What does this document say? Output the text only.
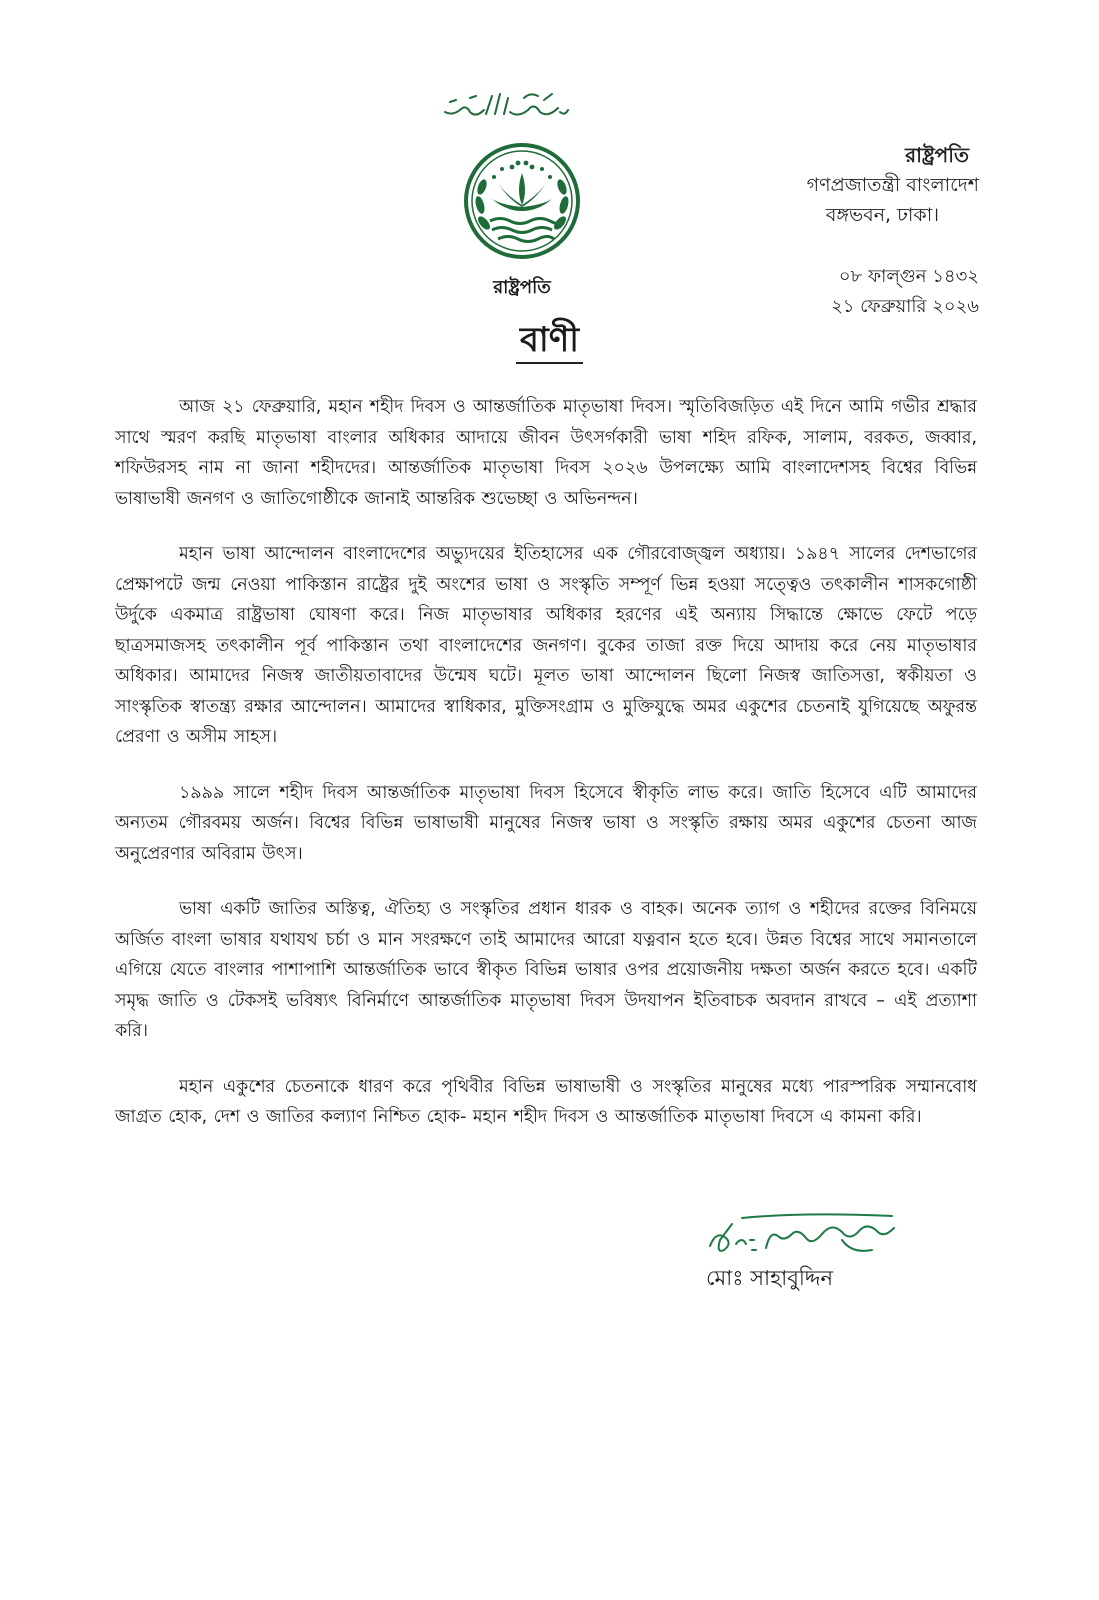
রাষ্ট্রপতি
রাষ্ট্রপতি
গণপ্রজাতন্ত্রী বাংলাদেশ
বঙ্গভবন, ঢাকা।
০৮ ফাল্গুন ১৪৩২
২১ ফেব্রুয়ারি ২০২৬
বাণী

আজ ২১ ফেব্রুয়ারি, মহান শহীদ দিবস ও আন্তর্জাতিক মাতৃভাষা দিবস। স্মৃতিবিজড়িত এই দিনে আমি গভীর শ্রদ্ধার সাথে স্মরণ করছি মাতৃভাষা বাংলার অধিকার আদায়ে জীবন উৎসর্গকারী ভাষা শহিদ রফিক, সালাম, বরকত, জব্বার, শফিউরসহ নাম না জানা শহীদদের। আন্তর্জাতিক মাতৃভাষা দিবস ২০২৬ উপলক্ষ্যে আমি বাংলাদেশসহ বিশ্বের বিভিন্ন ভাষাভাষী জনগণ ও জাতিগোষ্ঠীকে জানাই আন্তরিক শুভেচ্ছা ও অভিনন্দন।

মহান ভাষা আন্দোলন বাংলাদেশের অভ্যুদয়ের ইতিহাসের এক গৌরবোজ্জ্বল অধ্যায়। ১৯৪৭ সালের দেশভাগের প্রেক্ষাপটে জন্ম নেওয়া পাকিস্তান রাষ্ট্রের দুই অংশের ভাষা ও সংস্কৃতি সম্পূর্ণ ভিন্ন হওয়া সত্ত্বেও তৎকালীন শাসকগোষ্ঠী উর্দুকে একমাত্র রাষ্ট্রভাষা ঘোষণা করে। নিজ মাতৃভাষার অধিকার হরণের এই অন্যায় সিদ্ধান্তে ক্ষোভে ফেটে পড়ে ছাত্রসমাজসহ তৎকালীন পূর্ব পাকিস্তান তথা বাংলাদেশের জনগণ। বুকের তাজা রক্ত দিয়ে আদায় করে নেয় মাতৃভাষার অধিকার। আমাদের নিজস্ব জাতীয়তাবাদের উন্মেষ ঘটে। মূলত ভাষা আন্দোলন ছিলো নিজস্ব জাতিসত্তা, স্বকীয়তা ও সাংস্কৃতিক স্বাতন্ত্র্য রক্ষার আন্দোলন। আমাদের স্বাধিকার, মুক্তিসংগ্রাম ও মুক্তিযুদ্ধে অমর একুশের চেতনাই যুগিয়েছে অফুরন্ত প্রেরণা ও অসীম সাহস।

১৯৯৯ সালে শহীদ দিবস আন্তর্জাতিক মাতৃভাষা দিবস হিসেবে স্বীকৃতি লাভ করে। জাতি হিসেবে এটি আমাদের অন্যতম গৌরবময় অর্জন। বিশ্বের বিভিন্ন ভাষাভাষী মানুষের নিজস্ব ভাষা ও সংস্কৃতি রক্ষায় অমর একুশের চেতনা আজ অনুপ্রেরণার অবিরাম উৎস।

ভাষা একটি জাতির অস্তিত্ব, ঐতিহ্য ও সংস্কৃতির প্রধান ধারক ও বাহক। অনেক ত্যাগ ও শহীদের রক্তের বিনিময়ে অর্জিত বাংলা ভাষার যথাযথ চর্চা ও মান সংরক্ষণে তাই আমাদের আরো যত্নবান হতে হবে। উন্নত বিশ্বের সাথে সমানতালে এগিয়ে যেতে বাংলার পাশাপাশি আন্তর্জাতিক ভাবে স্বীকৃত বিভিন্ন ভাষার ওপর প্রয়োজনীয় দক্ষতা অর্জন করতে হবে। একটি সমৃদ্ধ জাতি ও টেকসই ভবিষ্যৎ বিনির্মাণে আন্তর্জাতিক মাতৃভাষা দিবস উদযাপন ইতিবাচক অবদান রাখবে – এই প্রত্যাশা করি।

মহান একুশের চেতনাকে ধারণ করে পৃথিবীর বিভিন্ন ভাষাভাষী ও সংস্কৃতির মানুষের মধ্যে পারস্পরিক সম্মানবোধ জাগ্রত হোক, দেশ ও জাতির কল্যাণ নিশ্চিত হোক- মহান শহীদ দিবস ও আন্তর্জাতিক মাতৃভাষা দিবসে এ কামনা করি।

মোঃ সাহাবুদ্দিন
